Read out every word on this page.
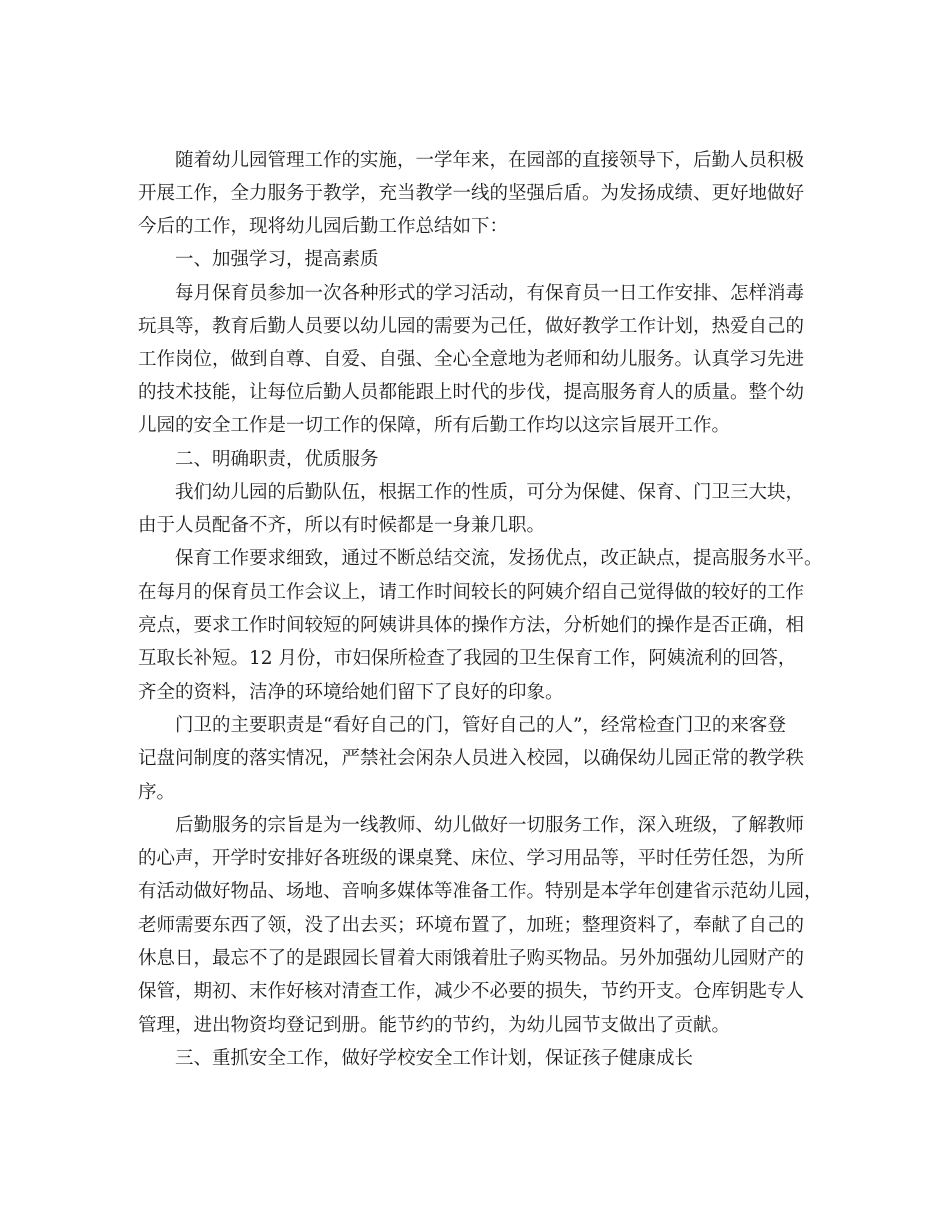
随着幼儿园管理工作的实施，一学年来，在园部的直接领导下，后勤人员积极

开展工作，全力服务于教学，充当教学一线的坚强后盾。为发扬成绩、更好地做好

今后的工作，现将幼儿园后勤工作总结如下：

一、加强学习，提高素质

每月保育员参加一次各种形式的学习活动，有保育员一日工作安排、怎样消毒

玩具等，教育后勤人员要以幼儿园的需要为己任，做好教学工作计划，热爱自己的

工作岗位，做到自尊、自爱、自强、全心全意地为老师和幼儿服务。认真学习先进

的技术技能，让每位后勤人员都能跟上时代的步伐，提高服务育人的质量。整个幼

儿园的安全工作是一切工作的保障，所有后勤工作均以这宗旨展开工作。

二、明确职责，优质服务

我们幼儿园的后勤队伍，根据工作的性质，可分为保健、保育、门卫三大块，

由于人员配备不齐，所以有时候都是一身兼几职。

保育工作要求细致，通过不断总结交流，发扬优点，改正缺点，提高服务水平。

在每月的保育员工作会议上，请工作时间较长的阿姨介绍自己觉得做的较好的工作

亮点，要求工作时间较短的阿姨讲具体的操作方法，分析她们的操作是否正确，相

互取长补短。12 月份，市妇保所检查了我园的卫生保育工作，阿姨流利的回答，

齐全的资料，洁净的环境给她们留下了良好的印象。

门卫的主要职责是“看好自己的门，管好自己的人”，经常检查门卫的来客登

记盘问制度的落实情况，严禁社会闲杂人员进入校园，以确保幼儿园正常的教学秩

序。

后勤服务的宗旨是为一线教师、幼儿做好一切服务工作，深入班级，了解教师

的心声，开学时安排好各班级的课桌凳、床位、学习用品等，平时任劳任怨，为所

有活动做好物品、场地、音响多媒体等准备工作。特别是本学年创建省示范幼儿园，

老师需要东西了领，没了出去买；环境布置了，加班；整理资料了，奉献了自己的

休息日，最忘不了的是跟园长冒着大雨饿着肚子购买物品。另外加强幼儿园财产的

保管，期初、末作好核对清查工作，减少不必要的损失，节约开支。仓库钥匙专人

管理，进出物资均登记到册。能节约的节约，为幼儿园节支做出了贡献。

三、重抓安全工作，做好学校安全工作计划，保证孩子健康成长
